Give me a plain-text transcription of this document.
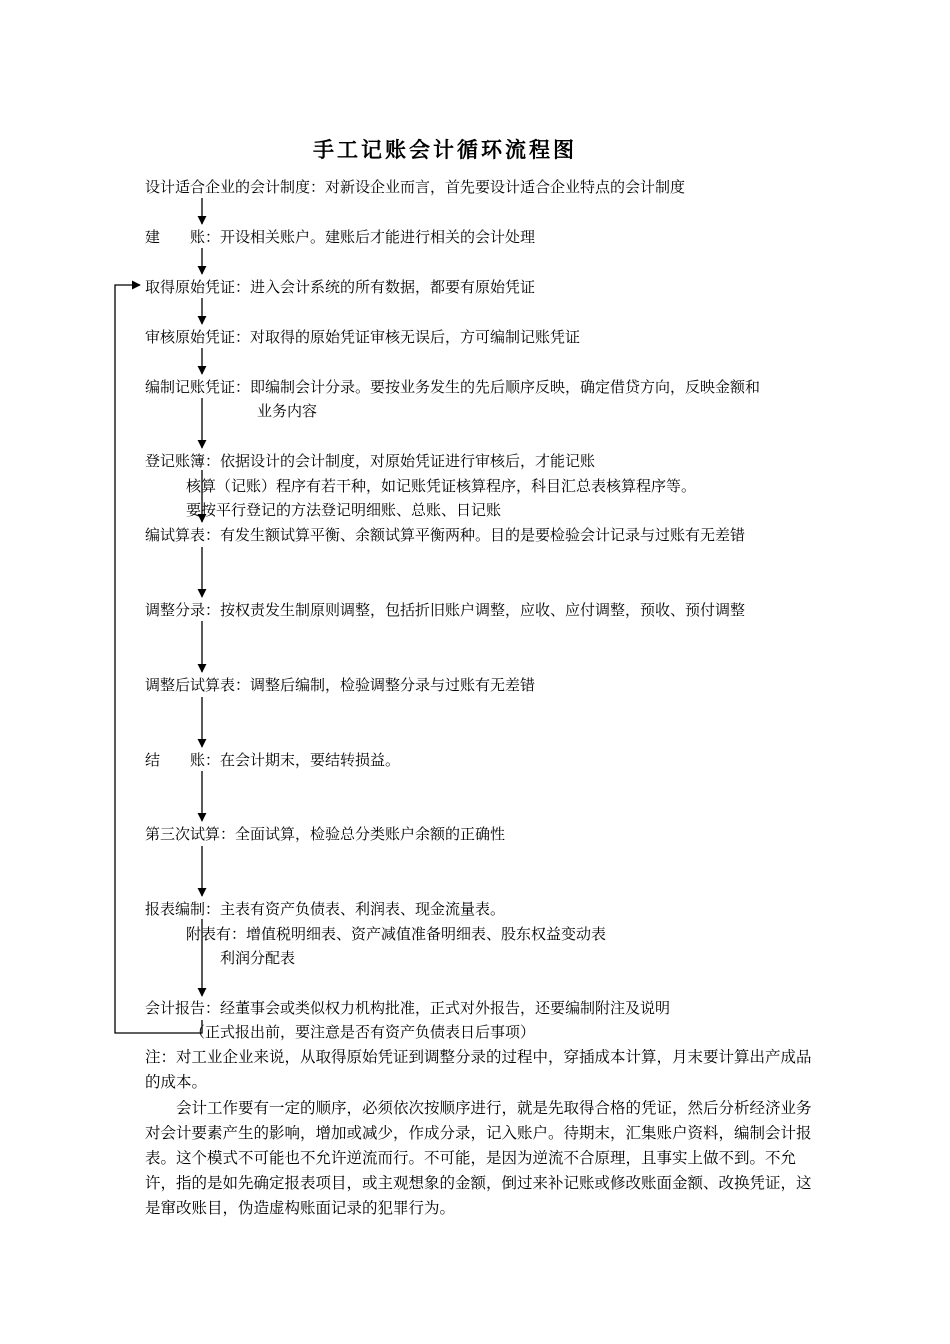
手工记账会计循环流程图
设计适合企业的会计制度：对新设企业而言，首先要设计适合企业特点的会计制度
建　　账：开设相关账户。建账后才能进行相关的会计处理
取得原始凭证：进入会计系统的所有数据，都要有原始凭证
审核原始凭证：对取得的原始凭证审核无误后，方可编制记账凭证
编制记账凭证：即编制会计分录。要按业务发生的先后顺序反映，确定借贷方向，反映金额和
业务内容
登记账簿：依据设计的会计制度，对原始凭证进行审核后，才能记账
核算（记账）程序有若干种，如记账凭证核算程序，科目汇总表核算程序等。
要按平行登记的方法登记明细账、总账、日记账
编试算表：有发生额试算平衡、余额试算平衡两种。目的是要检验会计记录与过账有无差错
调整分录：按权责发生制原则调整，包括折旧账户调整，应收、应付调整，预收、预付调整
调整后试算表：调整后编制，检验调整分录与过账有无差错
结　　账：在会计期末，要结转损益。
第三次试算：全面试算，检验总分类账户余额的正确性
报表编制：主表有资产负债表、利润表、现金流量表。
附表有：增值税明细表、资产减值准备明细表、股东权益变动表
利润分配表
会计报告：经董事会或类似权力机构批准，正式对外报告，还要编制附注及说明
（正式报出前，要注意是否有资产负债表日后事项）
注：对工业企业来说，从取得原始凭证到调整分录的过程中，穿插成本计算，月末要计算出产成品的成本。
会计工作要有一定的顺序，必须依次按顺序进行，就是先取得合格的凭证，然后分析经济业务对会计要素产生的影响，增加或减少，作成分录，记入账户。待期末，汇集账户资料，编制会计报表。这个模式不可能也不允许逆流而行。不可能，是因为逆流不合原理，且事实上做不到。不允许，指的是如先确定报表项目，或主观想象的金额，倒过来补记账或修改账面金额、改换凭证，这是窜改账目，伪造虚构账面记录的犯罪行为。
